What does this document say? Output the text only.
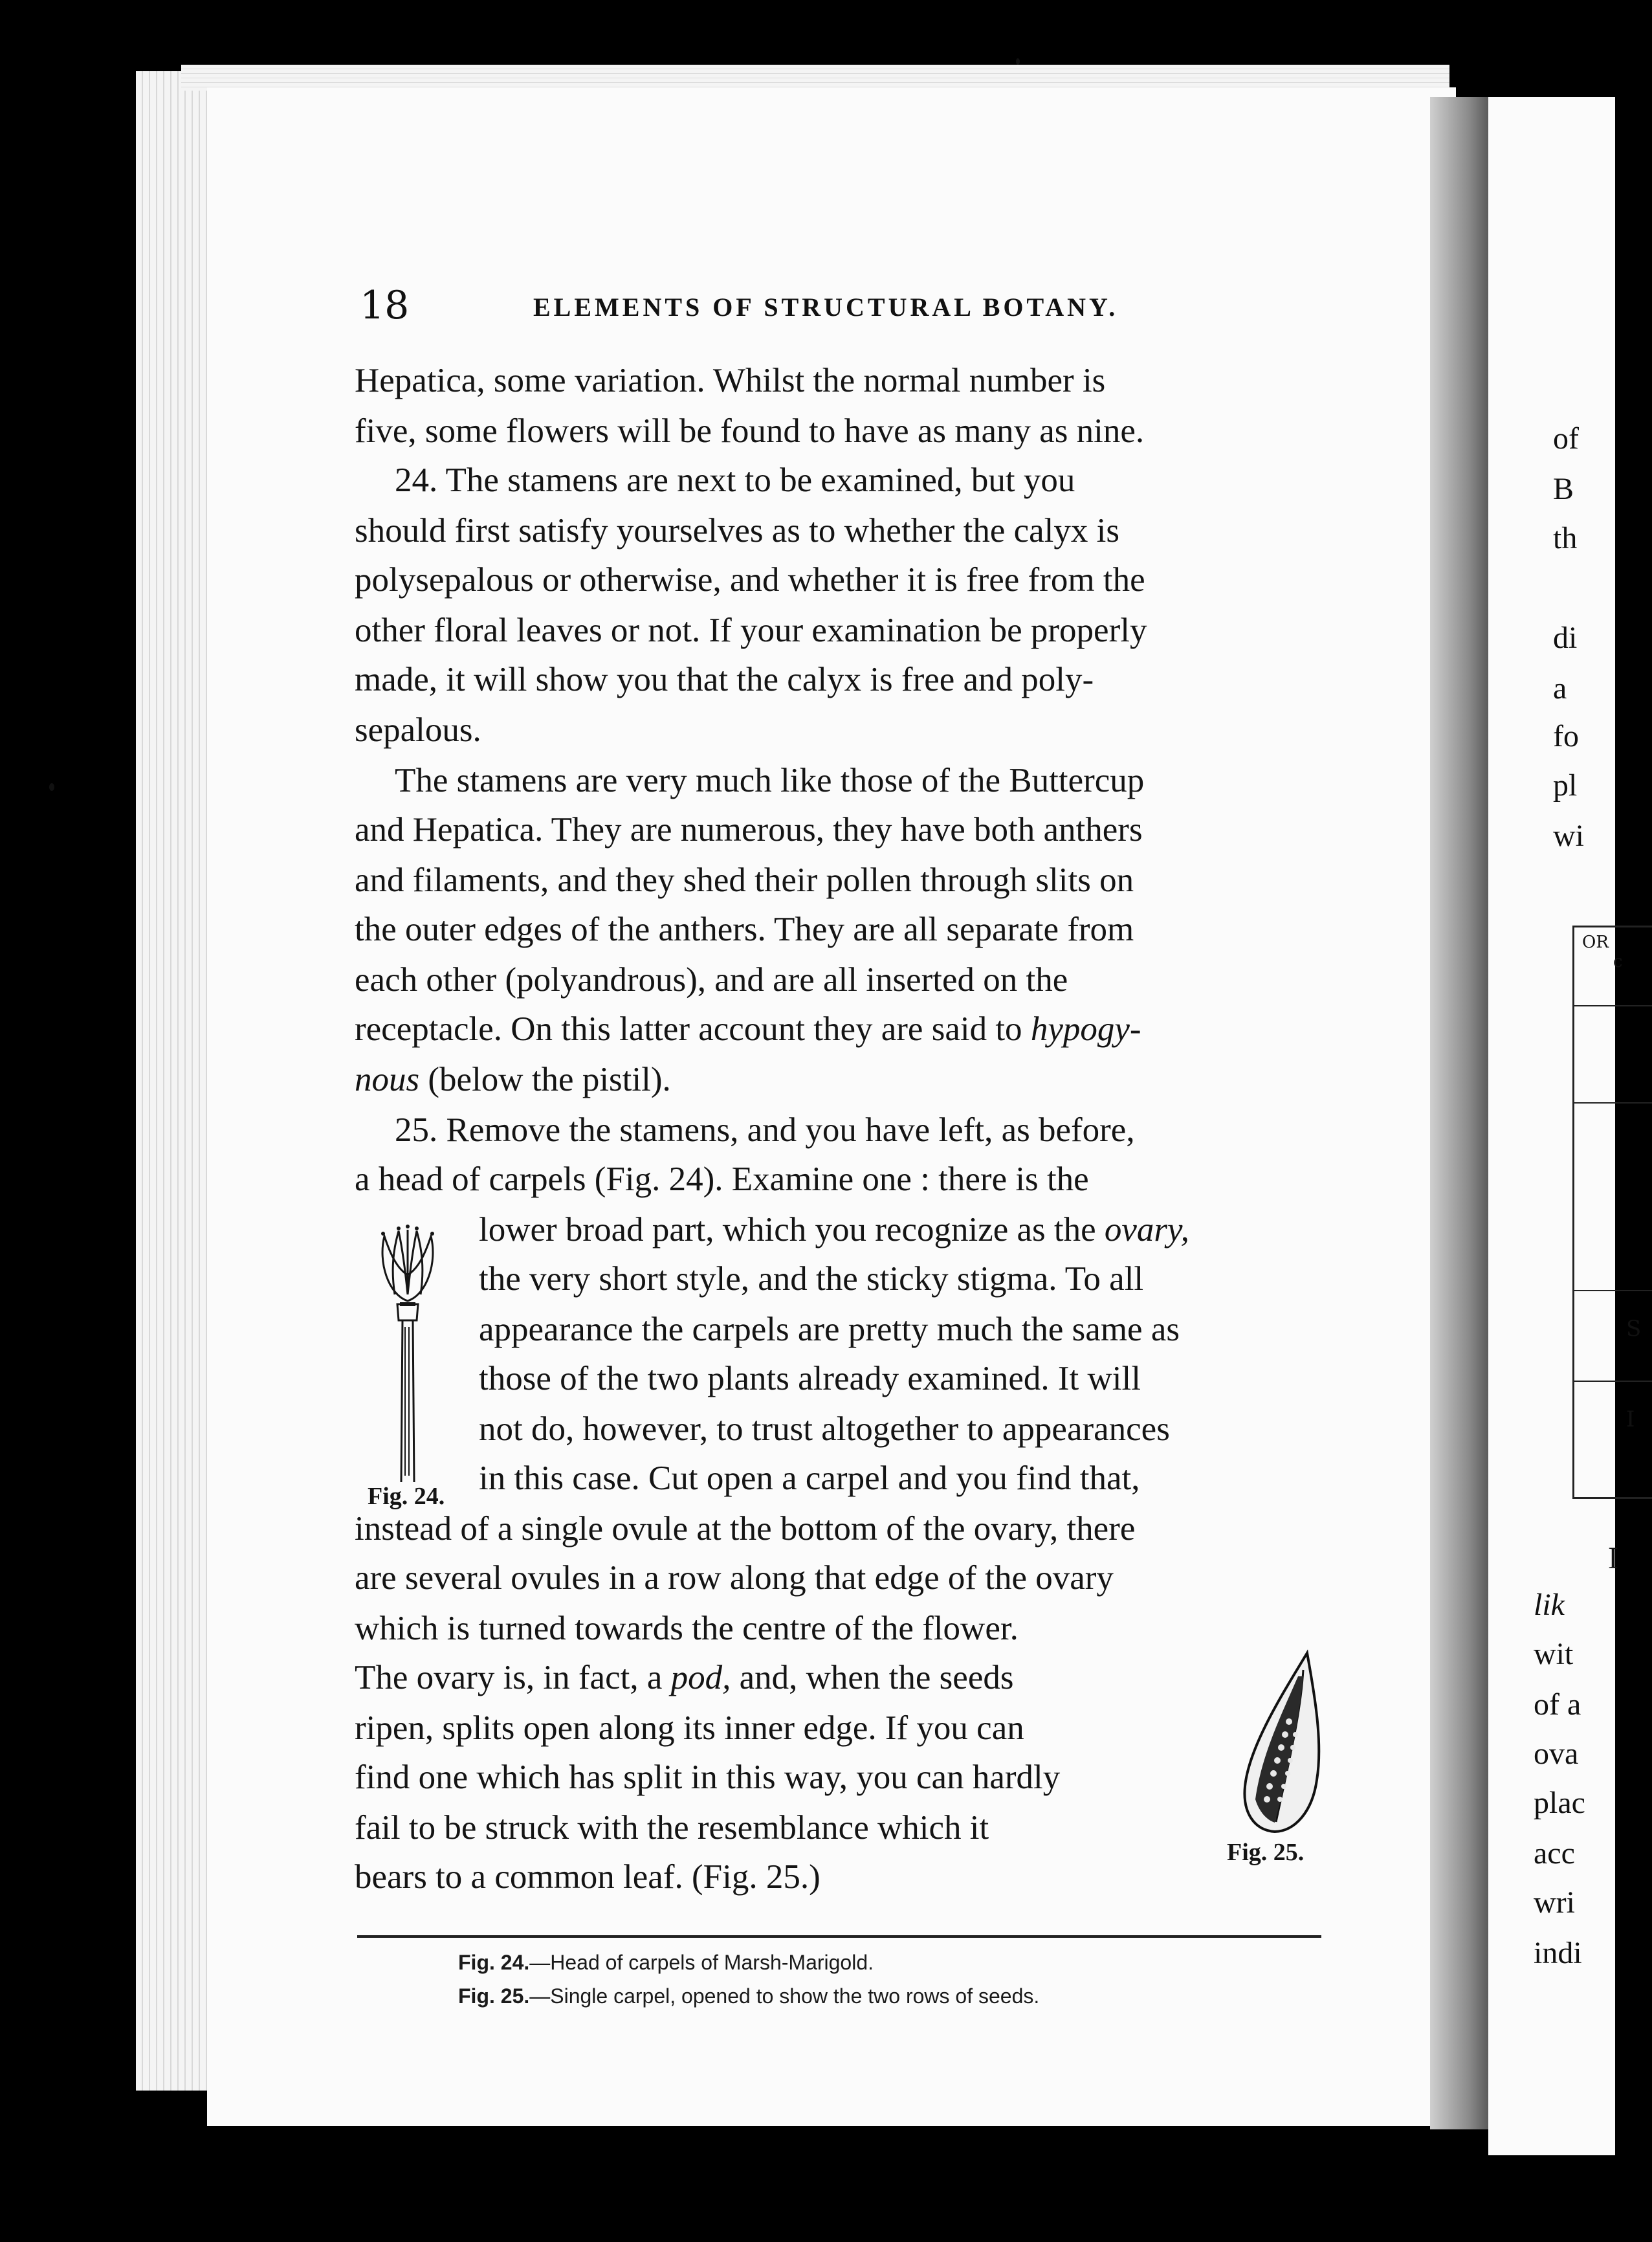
of
B
th
di
a
fo
pl
wi
OR
c
S
I
I
lik
wit
of a
ova
plac
acc
wri
indi
18	ELEMENTS OF STRUCTURAL BOTANY.
Hepatica, some variation. Whilst the normal number is
five, some flowers will be found to have as many as nine.
24. The stamens are next to be examined, but you
should first satisfy yourselves as to whether the calyx is
polysepalous or otherwise, and whether it is free from the
other floral leaves or not. If your examination be properly
made, it will show you that the calyx is free and poly-
sepalous.
The stamens are very much like those of the Buttercup
and Hepatica. They are numerous, they have both anthers
and filaments, and they shed their pollen through slits on
the outer edges of the anthers. They are all separate from
each other (polyandrous), and are all inserted on the
receptacle. On this latter account they are said to hypogy-
nous (below the pistil).
25. Remove the stamens, and you have left, as before,
a head of carpels (Fig. 24). Examine one : there is the
lower broad part, which you recognize as the ovary,
the very short style, and the sticky stigma. To all
appearance the carpels are pretty much the same as
those of the two plants already examined. It will
not do, however, to trust altogether to appearances
in this case. Cut open a carpel and you find that,
instead of a single ovule at the bottom of the ovary, there
are several ovules in a row along that edge of the ovary
which is turned towards the centre of the flower.
The ovary is, in fact, a pod, and, when the seeds
ripen, splits open along its inner edge. If you can
find one which has split in this way, you can hardly
fail to be struck with the resemblance which it
bears to a common leaf. (Fig. 25.)
Fig. 24.
Fig. 25.
Fig. 24.—Head of carpels of Marsh-Marigold.
Fig. 25.—Single carpel, opened to show the two rows of seeds.
